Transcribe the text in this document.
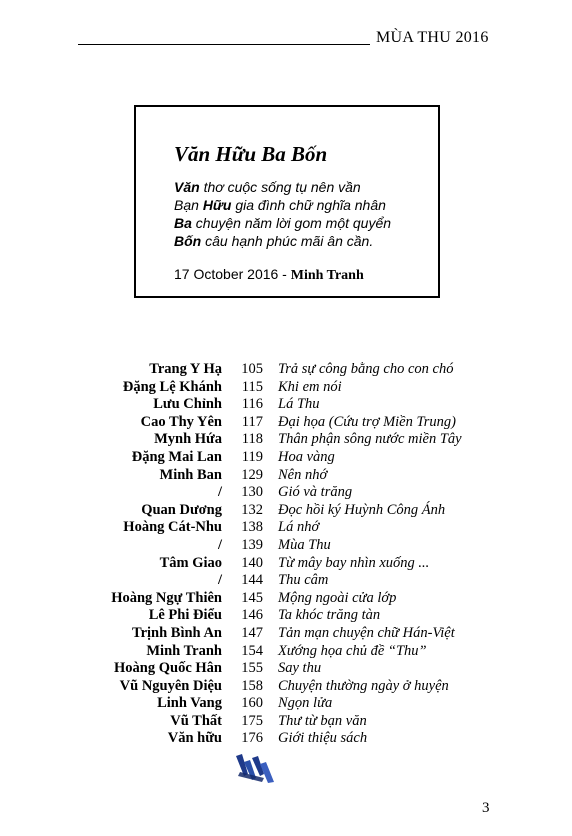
MÙA THU 2016
Văn Hữu Ba Bốn
Văn thơ cuộc sống tụ nên vần
Bạn Hữu gia đình chữ nghĩa nhân
Ba chuyện năm lời gom một quyển
Bốn câu hạnh phúc mãi ân cần.
17 October 2016 - Minh Tranh
Trang Y Hạ	105 Trả sự công bằng cho con chó
Đặng Lệ Khánh	115 Khi em nói
Lưu Chỉnh	116 Lá Thu
Cao Thy Yên	117 Đại họa (Cứu trợ Miền Trung)
Mynh Hứa	118 Thân phận sông nước miền Tây
Đặng Mai Lan	119 Hoa vàng
Minh Ban	129 Nên nhớ
/	130 Gió và trăng
Quan Dương	132 Đọc hồi ký Huỳnh Công Ánh
Hoàng Cát-Nhu	138 Lá nhớ
/	139 Mùa Thu
Tâm Giao	140 Từ mây bay nhìn xuống ...
/	144 Thu câm
Hoàng Ngự Thiên	145 Mộng ngoài cửa lớp
Lê Phi Điểu	146 Ta khóc trăng tàn
Trịnh Bình An	147 Tản mạn chuyện chữ Hán-Việt
Minh Tranh	154 Xướng họa chủ đề “Thu”
Hoàng Quốc Hân	155 Say thu
Vũ Nguyên Diệu	158 Chuyện thường ngày ở huyện
Linh Vang	160 Ngọn lửa
Vũ Thất	175 Thư từ bạn văn
Văn hữu	176 Giới thiệu sách
3
